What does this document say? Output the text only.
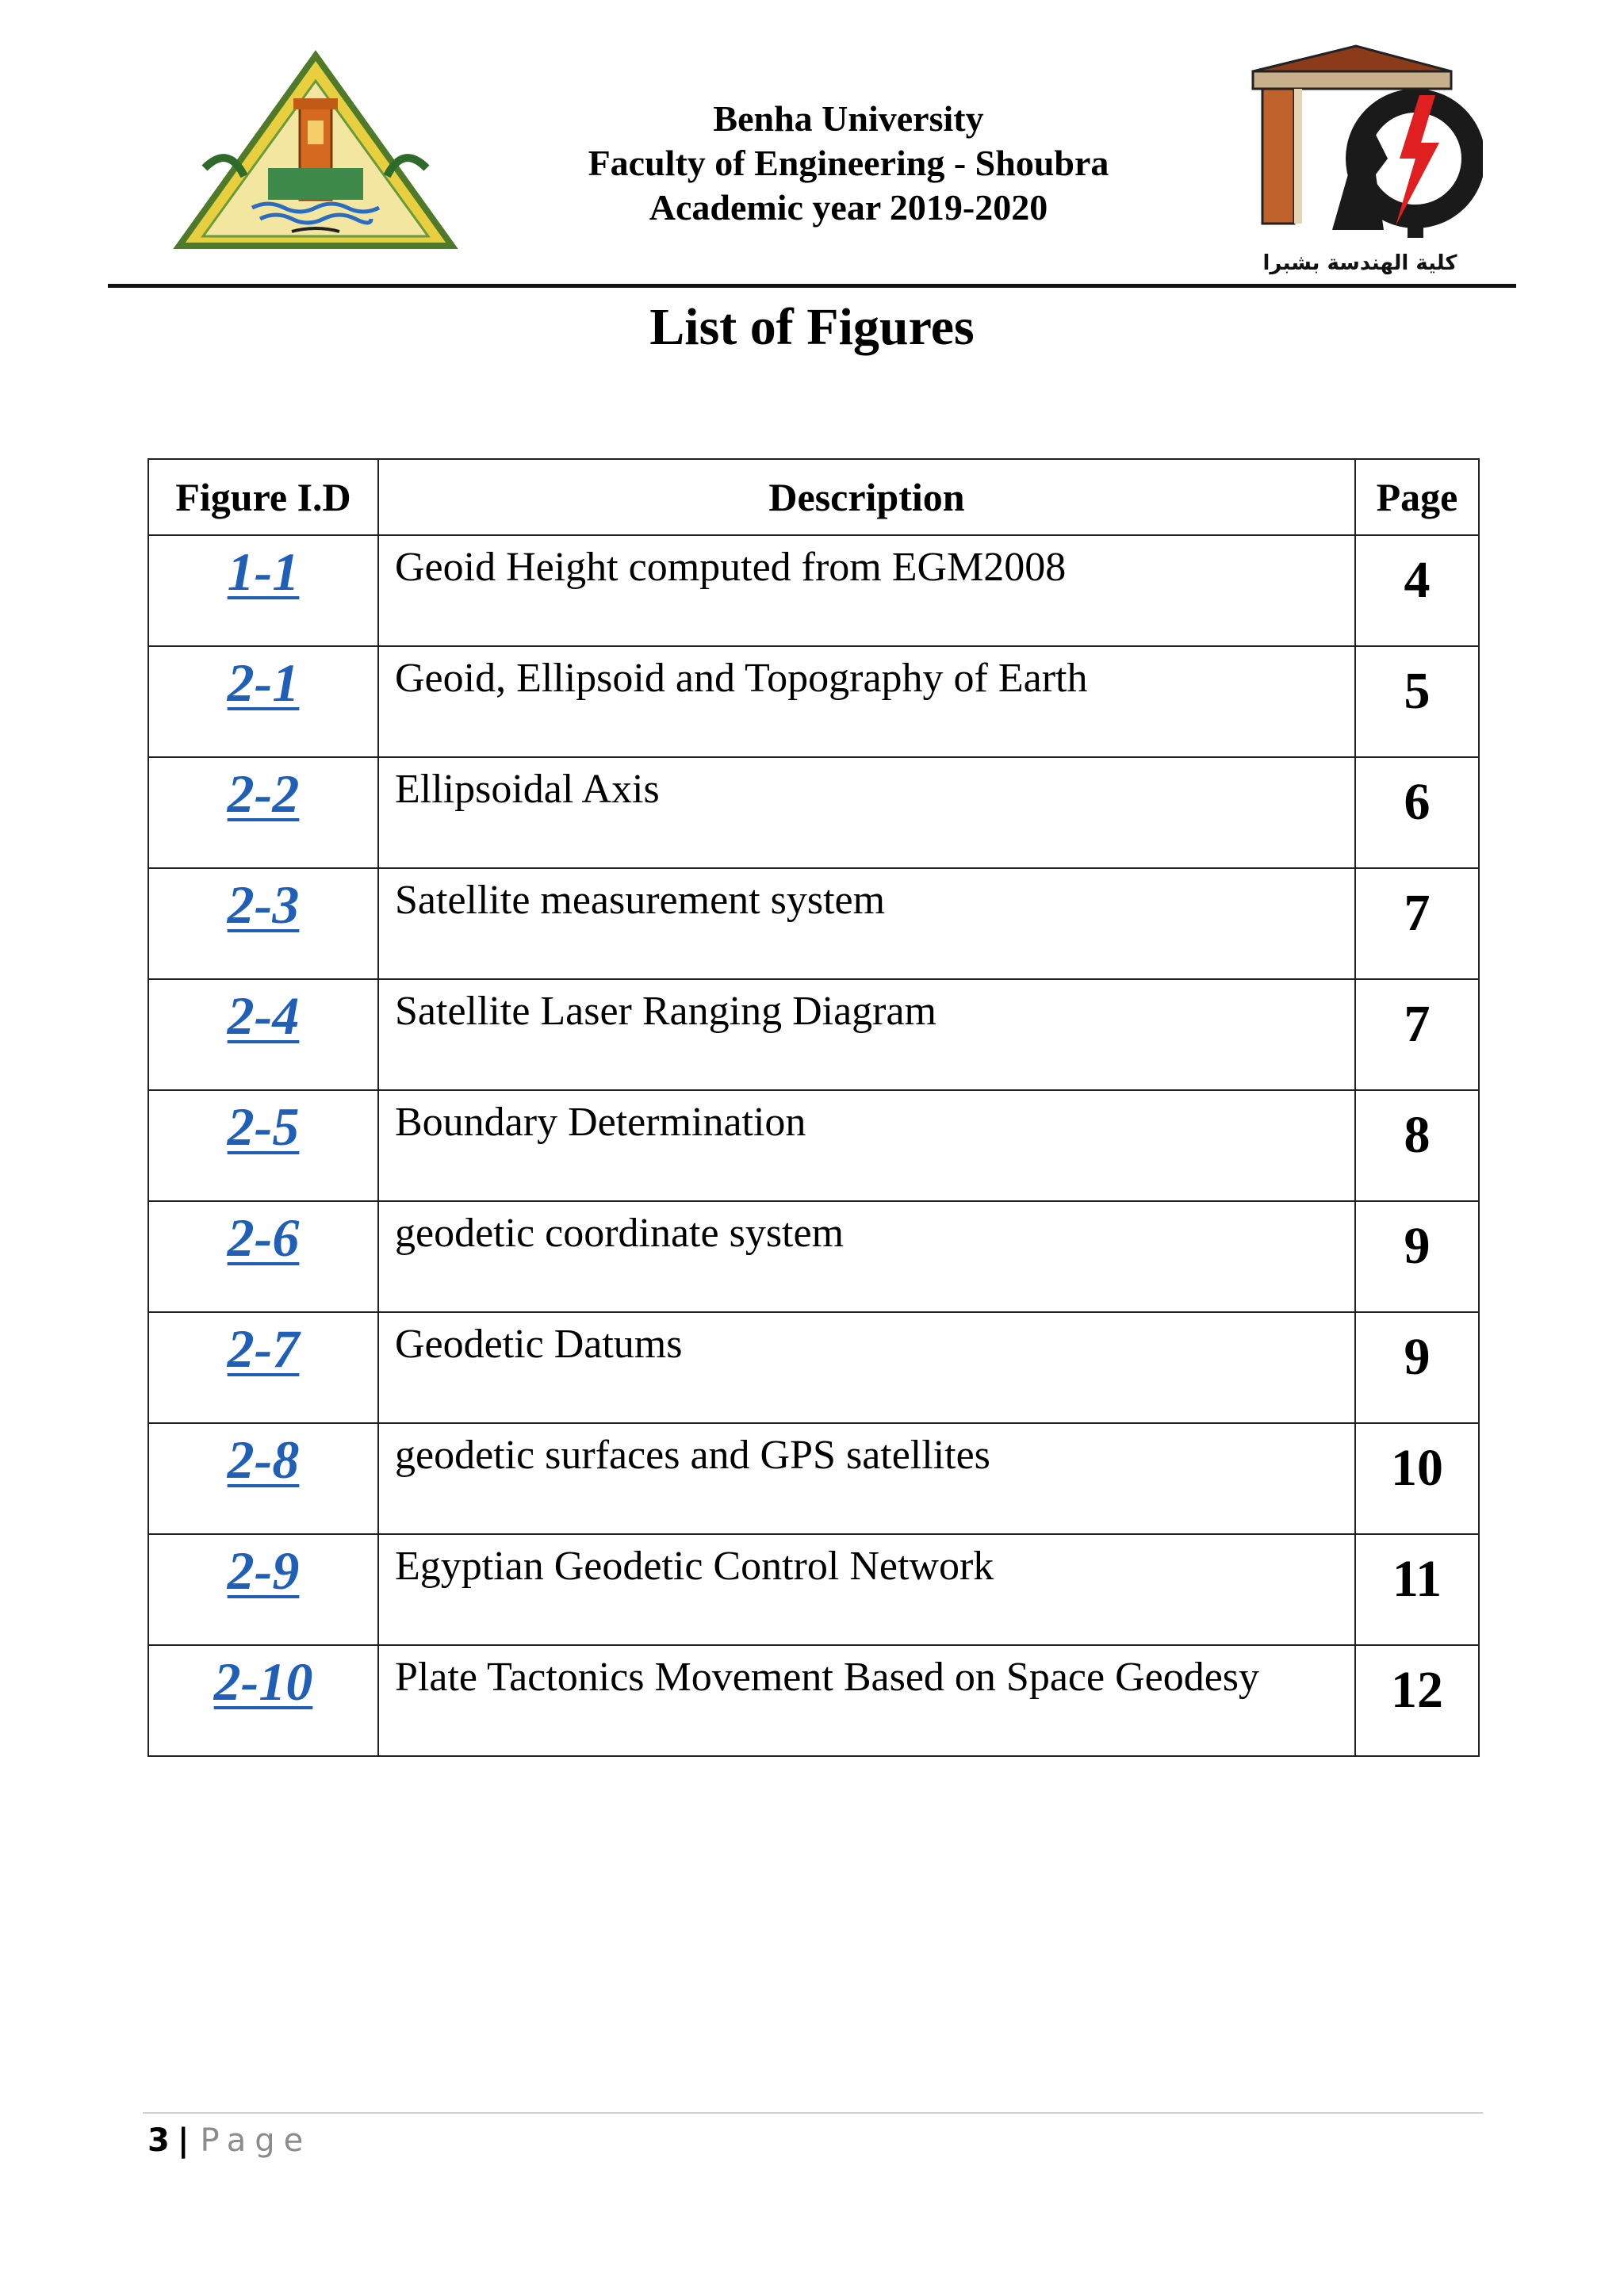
Benha University
Faculty of Engineering - Shoubra
Academic year 2019-2020
كلية الهندسة بشبرا
List of Figures
Figure I.D	Description	Page
1-1	Geoid Height computed from EGM2008	4
2-1	Geoid, Ellipsoid and Topography of Earth	5
2-2	Ellipsoidal Axis	6
2-3	Satellite measurement system	7
2-4	Satellite Laser Ranging Diagram	7
2-5	Boundary Determination	8
2-6	geodetic coordinate system	9
2-7	Geodetic Datums	9
2-8	geodetic surfaces and GPS satellites	10
2-9	Egyptian Geodetic Control Network	11
2-10	Plate Tactonics Movement Based on Space Geodesy	12
3 | Page
